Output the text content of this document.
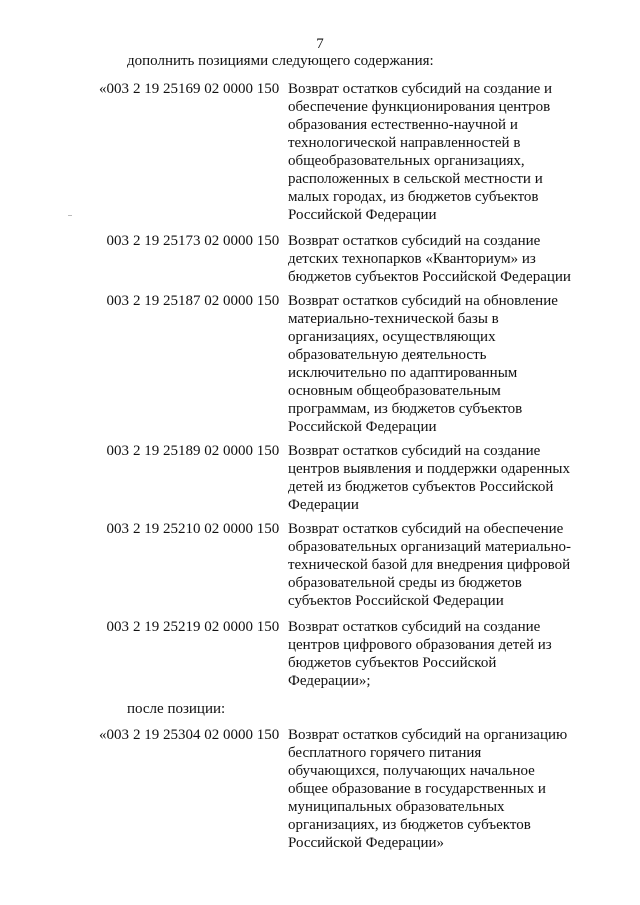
7
дополнить позициями следующего содержания:
«003 2 19 25169 02 0000 150 Возврат остатков субсидий на создание и
обеспечение функционирования центров
образования естественно-научной и
технологической направленностей в
общеобразовательных организациях,
расположенных в сельской местности и
малых городах, из бюджетов субъектов
Российской Федерации
003 2 19 25173 02 0000 150 Возврат остатков субсидий на создание
детских технопарков «Кванториум» из
бюджетов субъектов Российской Федерации
003 2 19 25187 02 0000 150 Возврат остатков субсидий на обновление
материально-технической базы в
организациях, осуществляющих
образовательную деятельность
исключительно по адаптированным
основным общеобразовательным
программам, из бюджетов субъектов
Российской Федерации
003 2 19 25189 02 0000 150 Возврат остатков субсидий на создание
центров выявления и поддержки одаренных
детей из бюджетов субъектов Российской
Федерации
003 2 19 25210 02 0000 150 Возврат остатков субсидий на обеспечение
образовательных организаций материально-
технической базой для внедрения цифровой
образовательной среды из бюджетов
субъектов Российской Федерации
003 2 19 25219 02 0000 150 Возврат остатков субсидий на создание
центров цифрового образования детей из
бюджетов субъектов Российской
Федерации»;
после позиции:
«003 2 19 25304 02 0000 150 Возврат остатков субсидий на организацию
бесплатного горячего питания
обучающихся, получающих начальное
общее образование в государственных и
муниципальных образовательных
организациях, из бюджетов субъектов
Российской Федерации»
